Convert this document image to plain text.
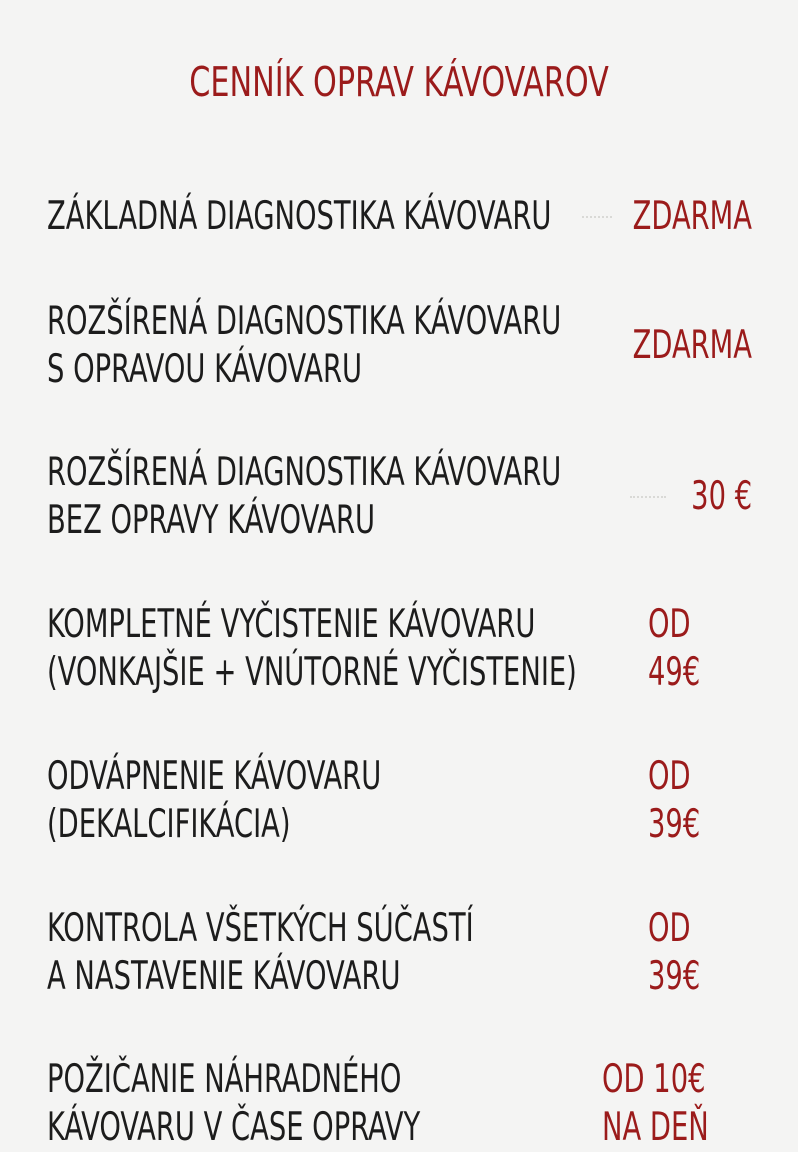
CENNÍK OPRAV KÁVOVAROV
ZÁKLADNÁ DIAGNOSTIKA KÁVOVARU ZDARMA
ROZŠÍRENÁ DIAGNOSTIKA KÁVOVARU
S OPRAVOU KÁVOVARU
ZDARMA
ROZŠÍRENÁ DIAGNOSTIKA KÁVOVARU
BEZ OPRAVY KÁVOVARU
30 €
KOMPLETNÉ VYČISTENIE KÁVOVARU
(VONKAJŠIE + VNÚTORNÉ VYČISTENIE)
OD
49€
ODVÁPNENIE KÁVOVARU
(DEKALCIFIKÁCIA)
OD
39€
KONTROLA VŠETKÝCH SÚČASTÍ
A NASTAVENIE KÁVOVARU
OD
39€
POŽIČANIE NÁHRADNÉHO
KÁVOVARU V ČASE OPRAVY
OD 10€
NA DEŇ
